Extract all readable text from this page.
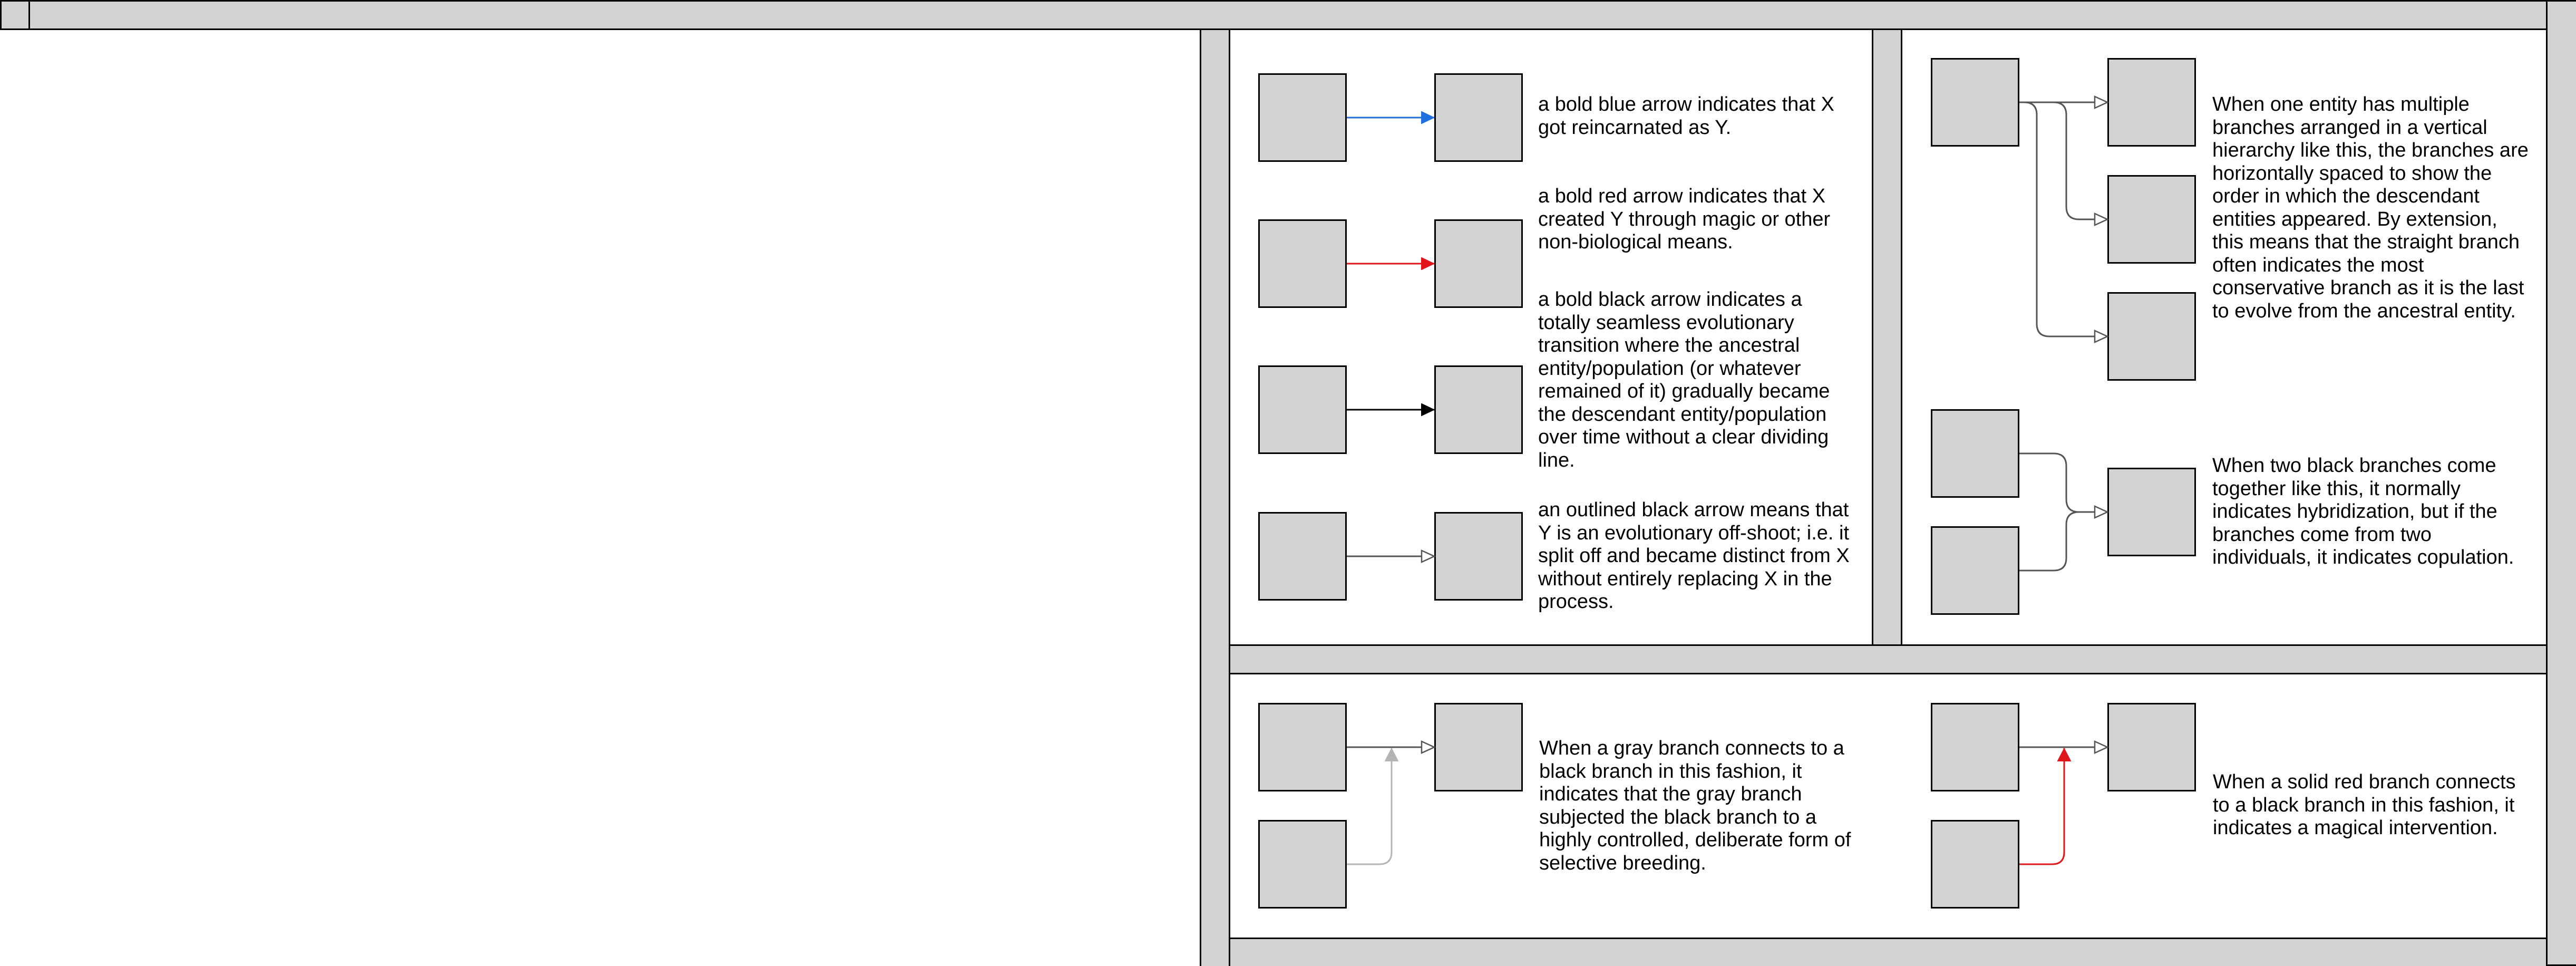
a bold blue arrow indicates that X got reincarnated as Y.

a bold red arrow indicates that X created Y through magic or other non-biological means.

a bold black arrow indicates a totally seamless evolutionary transition where the ancestral entity/population (or whatever remained of it) gradually became the descendant entity/population over time without a clear dividing line.

an outlined black arrow means that Y is an evolutionary off-shoot; i.e. it split off and became distinct from X without entirely replacing X in the process.

When one entity has multiple branches arranged in a vertical hierarchy like this, the branches are horizontally spaced to show the order in which the descendant entities appeared. By extension, this means that the straight branch often indicates the most conservative branch as it is the last to evolve from the ancestral entity.

When two black branches come together like this, it normally indicates hybridization, but if the branches come from two individuals, it indicates copulation.

When a gray branch connects to a black branch in this fashion, it indicates that the gray branch subjected the black branch to a highly controlled, deliberate form of selective breeding.

When a solid red branch connects to a black branch in this fashion, it indicates a magical intervention.
